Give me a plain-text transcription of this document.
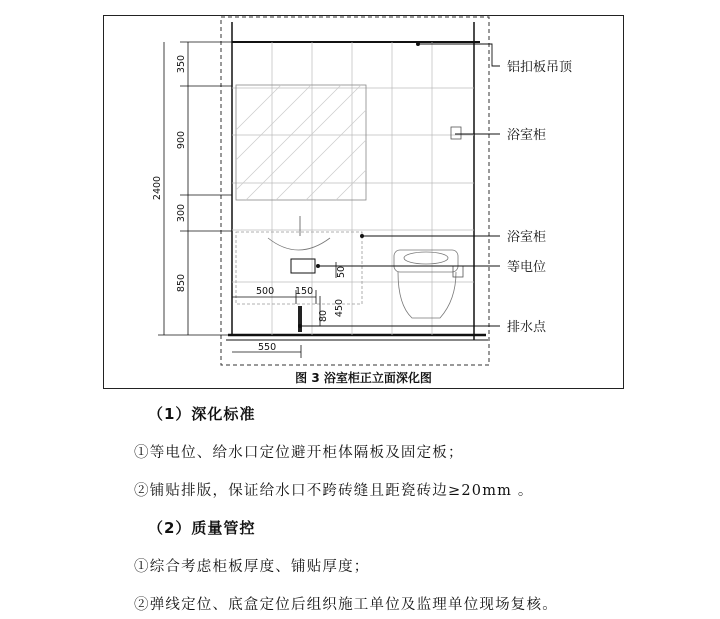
350
900
300
850
2400
500 150
550
50
450
80
铝扣板吊顶
浴室柜
浴室柜
等电位
排水点
图 3 浴室柜正立面深化图
（1）深化标准
①等电位、给水口定位避开柜体隔板及固定板；
②铺贴排版，保证给水口不跨砖缝且距瓷砖边≥20mm 。
（2）质量管控
①综合考虑柜板厚度、铺贴厚度；
②弹线定位、底盒定位后组织施工单位及监理单位现场复核。
